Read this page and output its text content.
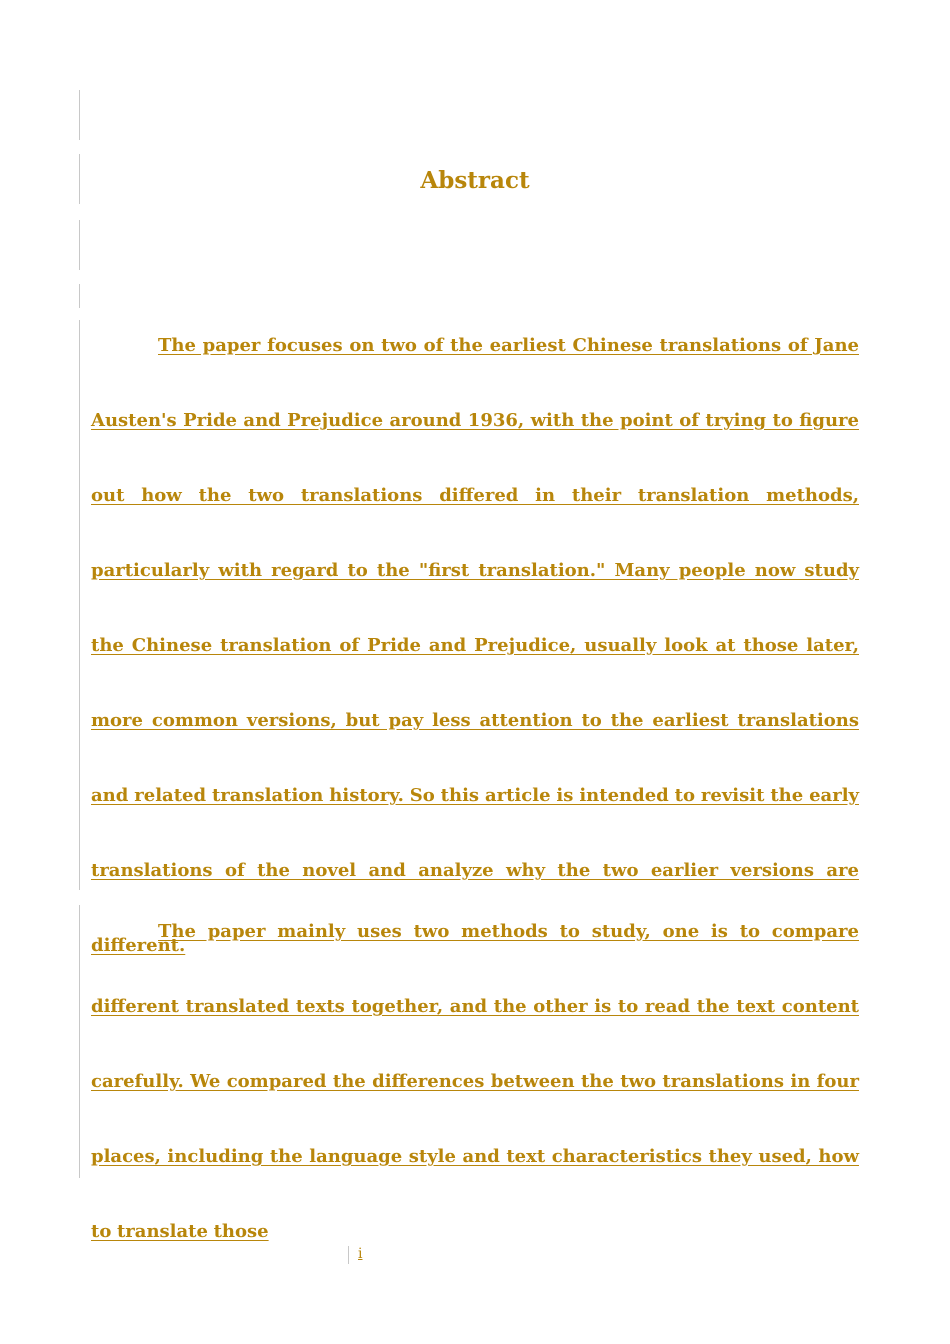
Abstract

The paper focuses on two of the earliest Chinese translations of Jane Austen's Pride and Prejudice around 1936, with the point of trying to figure out how the two translations differed in their translation methods, particularly with regard to the "first translation." Many people now study the Chinese translation of Pride and Prejudice, usually look at those later, more common versions, but pay less attention to the earliest translations and related translation history. So this article is intended to revisit the early translations of the novel and analyze why the two earlier versions are different.

The paper mainly uses two methods to study, one is to compare different translated texts together, and the other is to read the text content carefully. We compared the differences between the two translations in four places, including the language style and text characteristics they used, how to translate those

i
